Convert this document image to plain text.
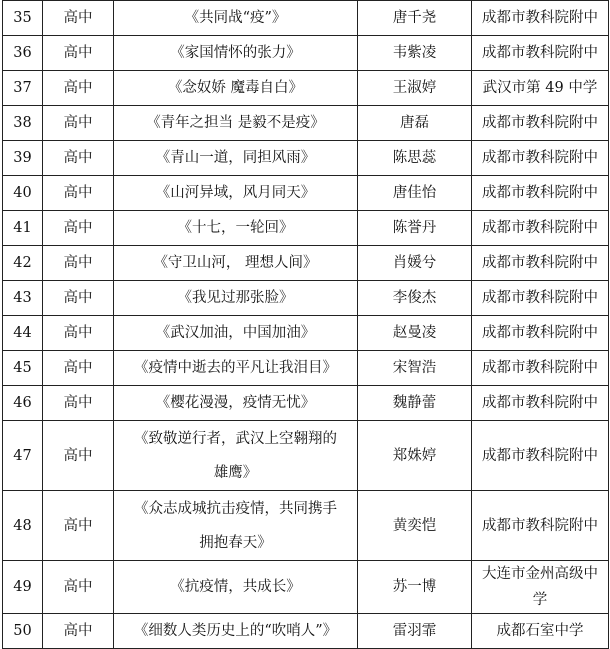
35	高中	《共同战“疫”》	唐千尧	成都市教科院附中
36	高中	《家国情怀的张力》	韦紫凌	成都市教科院附中
37	高中	《念奴娇 魔毒自白》	王淑婷	武汉市第 49 中学
38	高中	《青年之担当 是毅不是疫》	唐磊	成都市教科院附中
39	高中	《青山一道，同担风雨》	陈思蕊	成都市教科院附中
40	高中	《山河异域，风月同天》	唐佳怡	成都市教科院附中
41	高中	《十七，一轮回》	陈誉丹	成都市教科院附中
42	高中	《守卫山河， 理想人间》	肖媛兮	成都市教科院附中
43	高中	《我见过那张脸》	李俊杰	成都市教科院附中
44	高中	《武汉加油，中国加油》	赵曼凌	成都市教科院附中
45	高中	《疫情中逝去的平凡让我泪目》	宋智浩	成都市教科院附中
46	高中	《樱花漫漫，疫情无忧》	魏静蕾	成都市教科院附中
47	高中	《致敬逆行者，武汉上空翱翔的雄鹰》	郑姝婷	成都市教科院附中
48	高中	《众志成城抗击疫情，共同携手拥抱春天》	黄奕恺	成都市教科院附中
49	高中	《抗疫情，共成长》	苏一博	大连市金州高级中学
50	高中	《细数人类历史上的“吹哨人”》	雷羽霏	成都石室中学
